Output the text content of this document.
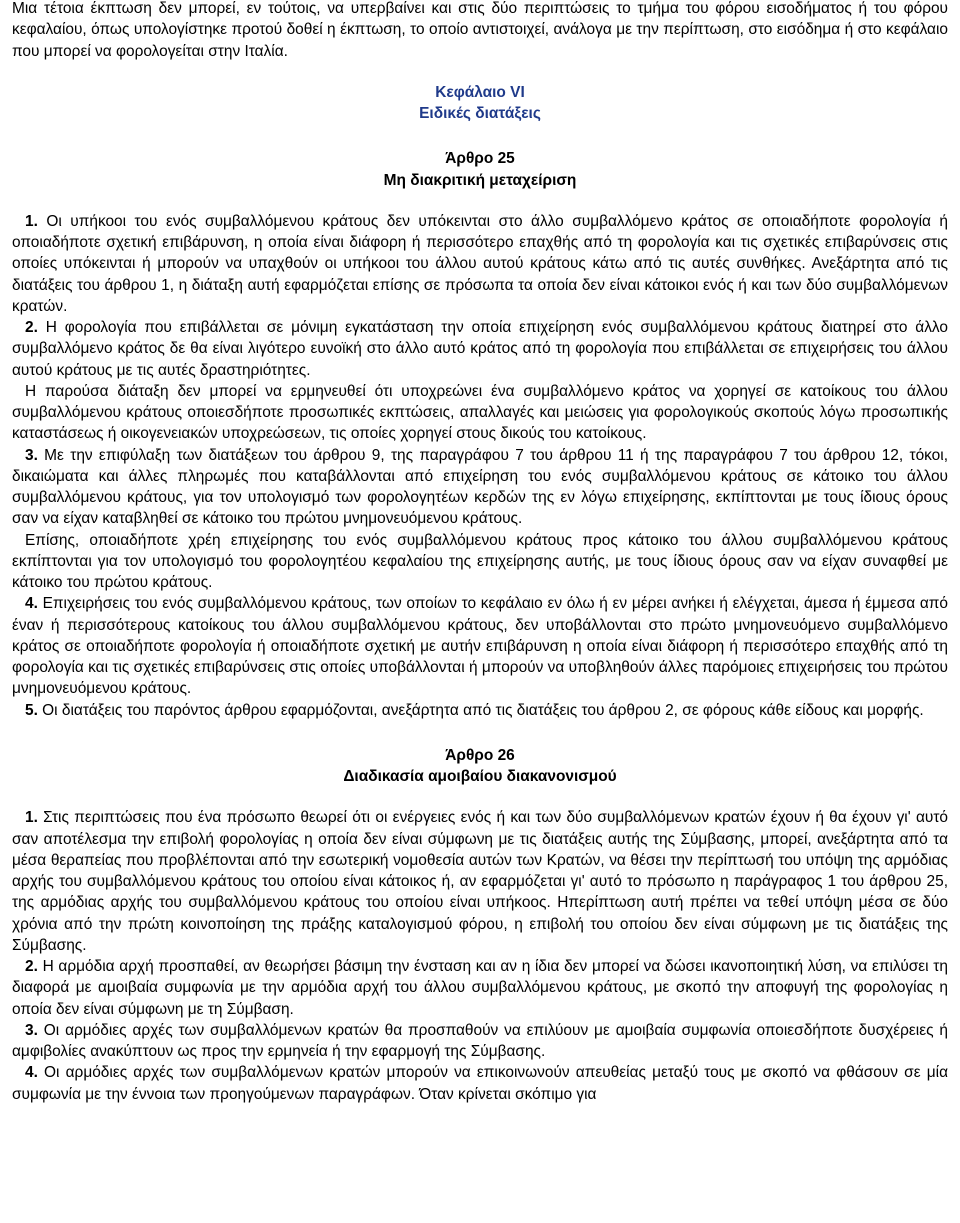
Μια τέτοια έκπτωση δεν μπορεί, εν τούτοις, να υπερβαίνει και στις δύο περιπτώσεις το τμήμα του φόρου εισοδήματος ή του φόρου κεφαλαίου, όπως υπολογίστηκε προτού δοθεί η έκπτωση, το οποίο αντιστοιχεί, ανάλογα με την περίπτωση, στο εισόδημα ή στο κεφάλαιο που μπορεί να φορολογείται στην Ιταλία.

Κεφάλαιο VI
Ειδικές διατάξεις
Άρθρο 25
Μη διακριτική μεταχείριση

1. Οι υπήκοοι του ενός συμβαλλόμενου κράτους δεν υπόκεινται στο άλλο συμβαλλόμενο κράτος σε οποιαδήποτε φορολογία ή οποιαδήποτε σχετική επιβάρυνση, η οποία είναι διάφορη ή περισσότερο επαχθής από τη φορολογία και τις σχετικές επιβαρύνσεις στις οποίες υπόκεινται ή μπορούν να υπαχθούν οι υπήκοοι του άλλου αυτού κράτους κάτω από τις αυτές συνθήκες. Ανεξάρτητα από τις διατάξεις του άρθρου 1, η διάταξη αυτή εφαρμόζεται επίσης σε πρόσωπα τα οποία δεν είναι κάτοικοι ενός ή και των δύο συμβαλλόμενων κρατών.

2. Η φορολογία που επιβάλλεται σε μόνιμη εγκατάσταση την οποία επιχείρηση ενός συμβαλλόμενου κράτους διατηρεί στο άλλο συμβαλλόμενο κράτος δε θα είναι λιγότερο ευνοϊκή στο άλλο αυτό κράτος από τη φορολογία που επιβάλλεται σε επιχειρήσεις του άλλου αυτού κράτους με τις αυτές δραστηριότητες.

Η παρούσα διάταξη δεν μπορεί να ερμηνευθεί ότι υποχρεώνει ένα συμβαλλόμενο κράτος να χορηγεί σε κατοίκους του άλλου συμβαλλόμενου κράτους οποιεσδήποτε προσωπικές εκπτώσεις, απαλλαγές και μειώσεις για φορολογικούς σκοπούς λόγω προσωπικής καταστάσεως ή οικογενειακών υποχρεώσεων, τις οποίες χορηγεί στους δικούς του κατοίκους.

3. Με την επιφύλαξη των διατάξεων του άρθρου 9, της παραγράφου 7 του άρθρου 11 ή της παραγράφου 7 του άρθρου 12, τόκοι, δικαιώματα και άλλες πληρωμές που καταβάλλονται από επιχείρηση του ενός συμβαλλόμενου κράτους σε κάτοικο του άλλου συμβαλλόμενου κράτους, για τον υπολογισμό των φορολογητέων κερδών της εν λόγω επιχείρησης, εκπίπτονται με τους ίδιους όρους σαν να είχαν καταβληθεί σε κάτοικο του πρώτου μνημονευόμενου κράτους.

Επίσης, οποιαδήποτε χρέη επιχείρησης του ενός συμβαλλόμενου κράτους προς κάτοικο του άλλου συμβαλλόμενου κράτους εκπίπτονται για τον υπολογισμό του φορολογητέου κεφαλαίου της επιχείρησης αυτής, με τους ίδιους όρους σαν να είχαν συναφθεί με κάτοικο του πρώτου κράτους.

4. Επιχειρήσεις του ενός συμβαλλόμενου κράτους, των οποίων το κεφάλαιο εν όλω ή εν μέρει ανήκει ή ελέγχεται, άμεσα ή έμμεσα από έναν ή περισσότερους κατοίκους του άλλου συμβαλλόμενου κράτους, δεν υποβάλλονται στο πρώτο μνημονευόμενο συμβαλλόμενο κράτος σε οποιαδήποτε φορολογία ή οποιαδήποτε σχετική με αυτήν επιβάρυνση η οποία είναι διάφορη ή περισσότερο επαχθής από τη φορολογία και τις σχετικές επιβαρύνσεις στις οποίες υποβάλλονται ή μπορούν να υποβληθούν άλλες παρόμοιες επιχειρήσεις του πρώτου μνημονευόμενου κράτους.

5. Οι διατάξεις του παρόντος άρθρου εφαρμόζονται, ανεξάρτητα από τις διατάξεις του άρθρου 2, σε φόρους κάθε είδους και μορφής.

Άρθρο 26
Διαδικασία αμοιβαίου διακανονισμού

1. Στις περιπτώσεις που ένα πρόσωπο θεωρεί ότι οι ενέργειες ενός ή και των δύο συμβαλλόμενων κρατών έχουν ή θα έχουν γι' αυτό σαν αποτέλεσμα την επιβολή φορολογίας η οποία δεν είναι σύμφωνη με τις διατάξεις αυτής της Σύμβασης, μπορεί, ανεξάρτητα από τα μέσα θεραπείας που προβλέπονται από την εσωτερική νομοθεσία αυτών των Κρατών, να θέσει την περίπτωσή του υπόψη της αρμόδιας αρχής του συμβαλλόμενου κράτους του οποίου είναι κάτοικος ή, αν εφαρμόζεται γι' αυτό το πρόσωπο η παράγραφος 1 του άρθρου 25, της αρμόδιας αρχής του συμβαλλόμενου κράτους του οποίου είναι υπήκοος. Ηπερίπτωση αυτή πρέπει να τεθεί υπόψη μέσα σε δύο χρόνια από την πρώτη κοινοποίηση της πράξης καταλογισμού φόρου, η επιβολή του οποίου δεν είναι σύμφωνη με τις διατάξεις της Σύμβασης.

2. Η αρμόδια αρχή προσπαθεί, αν θεωρήσει βάσιμη την ένσταση και αν η ίδια δεν μπορεί να δώσει ικανοποιητική λύση, να επιλύσει τη διαφορά με αμοιβαία συμφωνία με την αρμόδια αρχή του άλλου συμβαλλόμενου κράτους, με σκοπό την αποφυγή της φορολογίας η οποία δεν είναι σύμφωνη με τη Σύμβαση.

3. Οι αρμόδιες αρχές των συμβαλλόμενων κρατών θα προσπαθούν να επιλύουν με αμοιβαία συμφωνία οποιεσδήποτε δυσχέρειες ή αμφιβολίες ανακύπτουν ως προς την ερμηνεία ή την εφαρμογή της Σύμβασης.

4. Οι αρμόδιες αρχές των συμβαλλόμενων κρατών μπορούν να επικοινωνούν απευθείας μεταξύ τους με σκοπό να φθάσουν σε μία συμφωνία με την έννοια των προηγούμενων παραγράφων. Όταν κρίνεται σκόπιμο για
